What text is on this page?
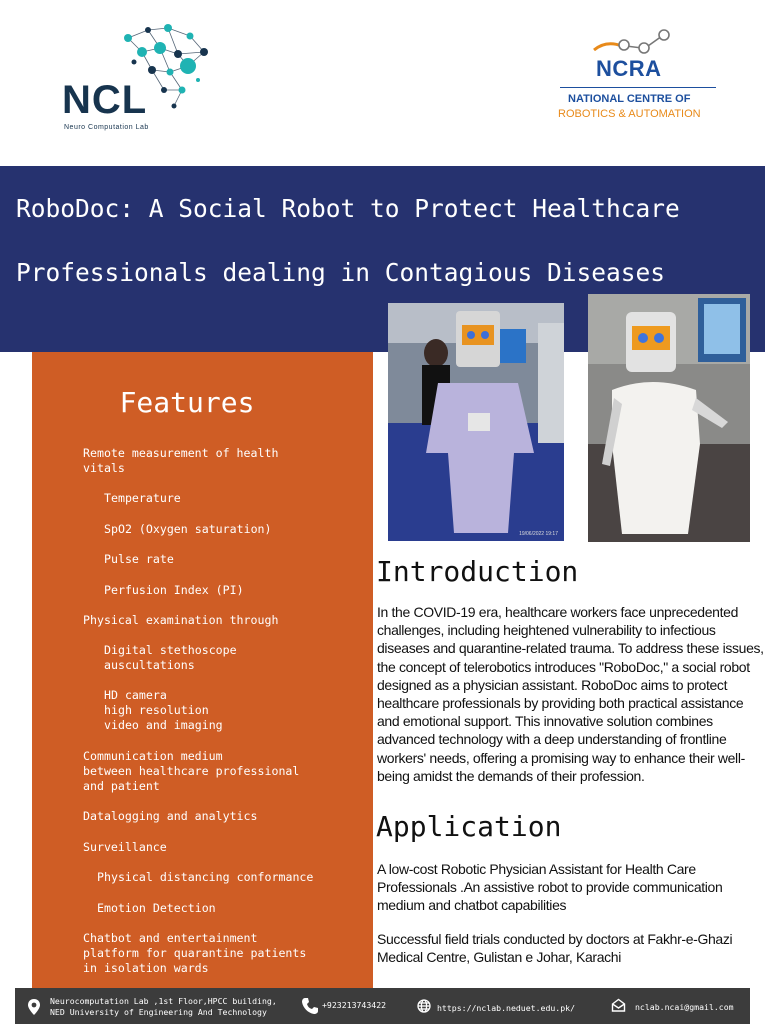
NCL
Neuro Computation Lab
NCRA
NATIONAL CENTRE OF
ROBOTICS & AUTOMATION
RoboDoc: A Social Robot to Protect Healthcare
Professionals dealing in Contagious Diseases
19/06/2022 19:17
Features
Remote measurement of health
vitals
Temperature
SpO2 (Oxygen saturation)
Pulse rate
Perfusion Index (PI)
Physical examination through
Digital stethoscope
auscultations
HD camera
high resolution
video and imaging
Communication medium
between healthcare professional
and patient
Datalogging and analytics
Surveillance
Physical distancing conformance
Emotion Detection
Chatbot and entertainment
platform for quarantine patients
in isolation wards
Introduction
In the COVID-19 era, healthcare workers face unprecedented challenges, including heightened vulnerability to infectious diseases and quarantine-related trauma. To address these issues, the concept of telerobotics introduces "RoboDoc," a social robot designed as a physician assistant. RoboDoc aims to protect healthcare professionals by providing both practical assistance and emotional support. This innovative solution combines advanced technology with a deep understanding of frontline workers' needs, offering a promising way to enhance their well-being amidst the demands of their profession.
Application
A low-cost Robotic Physician Assistant for Health Care Professionals .An assistive robot to provide communication medium and chatbot capabilities
Successful field trials conducted by doctors at Fakhr-e-Ghazi Medical Centre, Gulistan e Johar, Karachi
Neurocomputation Lab ,1st Floor,HPCC building,
NED University of Engineering And Technology
+923213743422	https://nclab.neduet.edu.pk/	nclab.ncai@gmail.com
